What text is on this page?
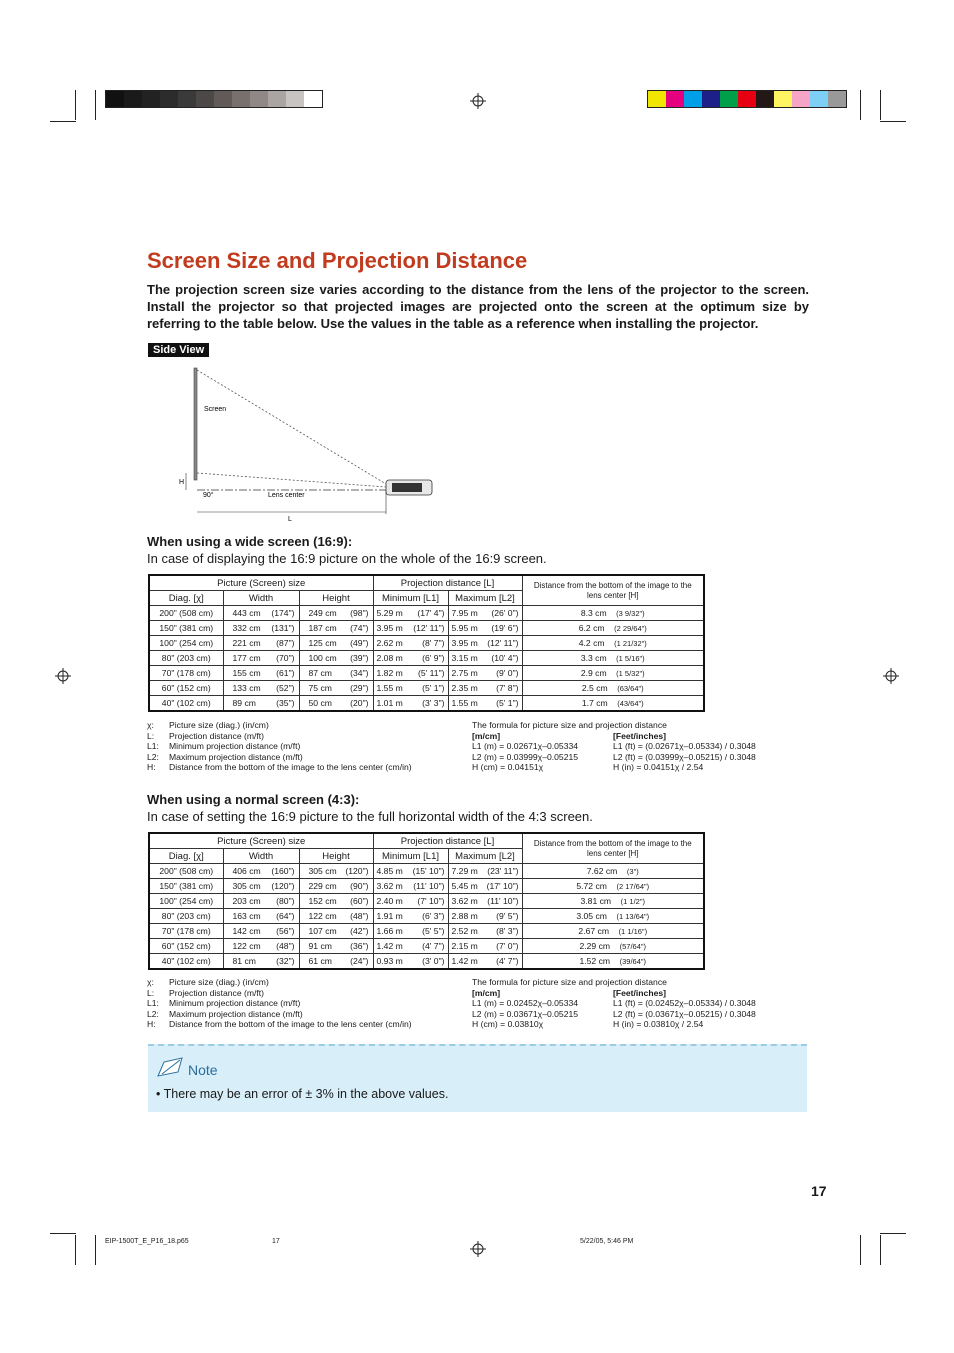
Screen Size and Projection Distance

The projection screen size varies according to the distance from the lens of the projector to the screen. Install the projector so that projected images are projected onto the screen at the optimum size by referring to the table below. Use the values in the table as a reference when installing the projector.

Side View
Screen
H
90°	Lens center
L
When using a wide screen (16:9):

In case of displaying the 16:9 picture on the whole of the 16:9 screen.

Picture (Screen) size			Projection distance [L]		Distance from the bottom of the image to the lens center [H]
Diag. [χ]	Width	Height	Minimum [L1]	Maximum [L2]	
200" (508 cm)	443 cm (174")	249 cm (98")	5.29 m (17' 4")	7.95 m (26' 0")	8.3 cm (3 9/32")
150" (381 cm)	332 cm (131")	187 cm (74")	3.95 m (12' 11")	5.95 m (19' 6")	6.2 cm (2 29/64")
100" (254 cm)	221 cm (87")	125 cm (49")	2.62 m (8' 7")	3.95 m (12' 11")	4.2 cm (1 21/32")
80" (203 cm)	177 cm (70")	100 cm (39")	2.08 m (6' 9")	3.15 m (10' 4")	3.3 cm (1 5/16")
70" (178 cm)	155 cm (61")	87 cm (34")	1.82 m (5' 11")	2.75 m (9' 0")	2.9 cm (1 5/32")
60" (152 cm)	133 cm (52")	75 cm (29")	1.55 m (5' 1")	2.35 m (7' 8")	2.5 cm (63/64")
40" (102 cm)	89 cm (35")	50 cm (20")	1.01 m (3' 3")	1.55 m (5' 1")	1.7 cm (43/64")
χ: Picture size (diag.) (in/cm)
L: Projection distance (m/ft)
L1: Minimum projection distance (m/ft)
L2: Maximum projection distance (m/ft)
H: Distance from the bottom of the image to the lens center (cm/in)
The formula for picture size and projection distance
[m/cm]	[Feet/inches]
L1 (m) = 0.02671χ–0.05334	L1 (ft) = (0.02671χ–0.05334) / 0.3048
L2 (m) = 0.03999χ–0.05215	L2 (ft) = (0.03999χ–0.05215) / 0.3048
H (cm) = 0.04151χ	H (in) = 0.04151χ / 2.54
When using a normal screen (4:3):

In case of setting the 16:9 picture to the full horizontal width of the 4:3 screen.

Picture (Screen) size			Projection distance [L]		Distance from the bottom of the image to the lens center [H]
Diag. [χ]	Width	Height	Minimum [L1]	Maximum [L2]	
200" (508 cm)	406 cm (160")	305 cm (120")	4.85 m (15' 10")	7.29 m (23' 11")	7.62 cm (3")
150" (381 cm)	305 cm (120")	229 cm (90")	3.62 m (11' 10")	5.45 m (17' 10")	5.72 cm (2 17/64")
100" (254 cm)	203 cm (80")	152 cm (60")	2.40 m (7' 10")	3.62 m (11' 10")	3.81 cm (1 1/2")
80" (203 cm)	163 cm (64")	122 cm (48")	1.91 m (6' 3")	2.88 m (9' 5")	3.05 cm (1 13/64")
70" (178 cm)	142 cm (56")	107 cm (42")	1.66 m (5' 5")	2.52 m (8' 3")	2.67 cm (1 1/16")
60" (152 cm)	122 cm (48")	91 cm (36")	1.42 m (4' 7")	2.15 m (7' 0")	2.29 cm (57/64")
40" (102 cm)	81 cm (32")	61 cm (24")	0.93 m (3' 0")	1.42 m (4' 7")	1.52 cm (39/64")
χ: Picture size (diag.) (in/cm)
L: Projection distance (m/ft)
L1: Minimum projection distance (m/ft)
L2: Maximum projection distance (m/ft)
H: Distance from the bottom of the image to the lens center (cm/in)
The formula for picture size and projection distance
[m/cm]	[Feet/inches]
L1 (m) = 0.02452χ–0.05334	L1 (ft) = (0.02452χ–0.05334) / 0.3048
L2 (m) = 0.03671χ–0.05215	L2 (ft) = (0.03671χ–0.05215) / 0.3048
H (cm) = 0.03810χ	H (in) = 0.03810χ / 2.54
Note
• There may be an error of ± 3% in the above values.
17
EIP-1500T_E_P16_18.p65	17	5/22/05, 5:46 PM
